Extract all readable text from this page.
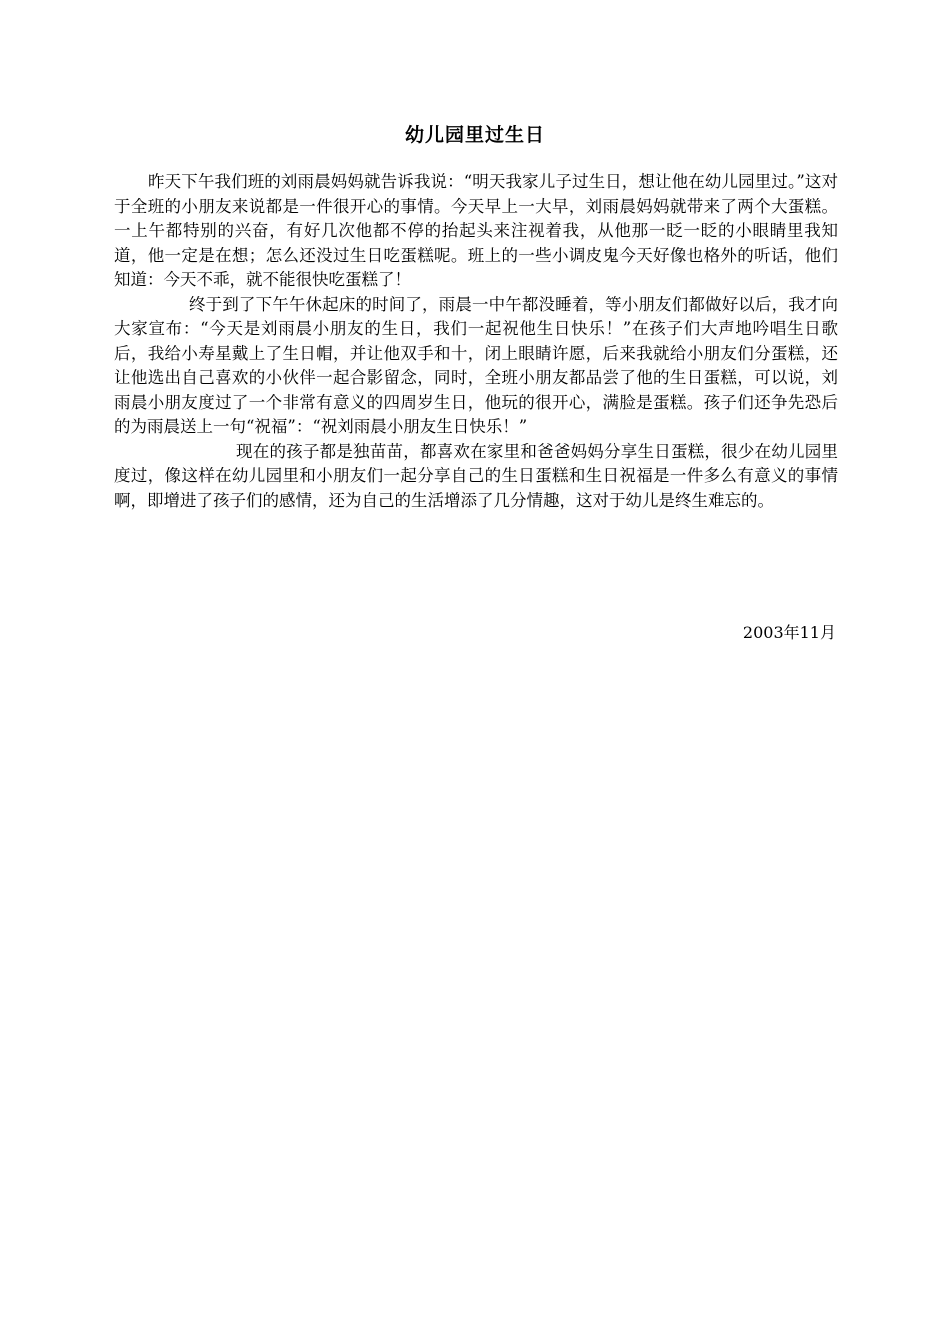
幼儿园里过生日

昨天下午我们班的刘雨晨妈妈就告诉我说：“明天我家儿子过生日，想让他在幼儿园里过。”这对于全班的小朋友来说都是一件很开心的事情。今天早上一大早，刘雨晨妈妈就带来了两个大蛋糕。一上午都特别的兴奋，有好几次他都不停的抬起头来注视着我，从他那一眨一眨的小眼睛里我知道，他一定是在想；怎么还没过生日吃蛋糕呢。班上的一些小调皮鬼今天好像也格外的听话，他们知道：今天不乖，就不能很快吃蛋糕了！

终于到了下午午休起床的时间了，雨晨一中午都没睡着，等小朋友们都做好以后，我才向大家宣布：“今天是刘雨晨小朋友的生日，我们一起祝他生日快乐！”在孩子们大声地吟唱生日歌后，我给小寿星戴上了生日帽，并让他双手和十，闭上眼睛许愿，后来我就给小朋友们分蛋糕，还让他选出自己喜欢的小伙伴一起合影留念，同时，全班小朋友都品尝了他的生日蛋糕，可以说，刘雨晨小朋友度过了一个非常有意义的四周岁生日，他玩的很开心，满脸是蛋糕。孩子们还争先恐后的为雨晨送上一句“祝福”：“祝刘雨晨小朋友生日快乐！”

现在的孩子都是独苗苗，都喜欢在家里和爸爸妈妈分享生日蛋糕，很少在幼儿园里度过，像这样在幼儿园里和小朋友们一起分享自己的生日蛋糕和生日祝福是一件多么有意义的事情啊，即增进了孩子们的感情，还为自己的生活增添了几分情趣，这对于幼儿是终生难忘的。

2003年11月
